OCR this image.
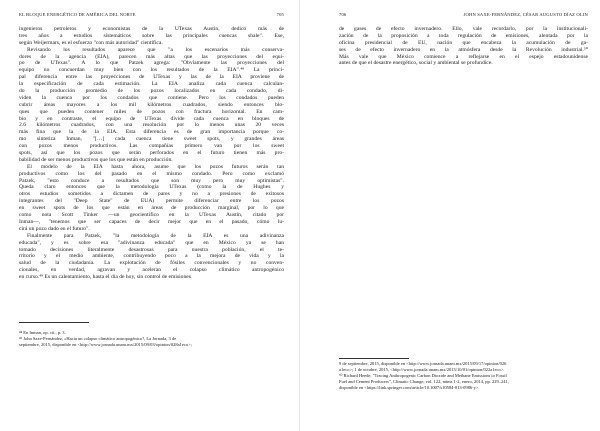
EL BLOQUE ENERGÉTICO DE AMÉRICA DEL NORTE	705
ingenieros petroleros y economistas de la UTexas Austin, dedicó más de
tres años a estudios sistemáticos sobre las principales cuencas shale". Ese,
según Weijermars, es el esfuerzo "con más autoridad" científica.
Revisando los resultados aparece que "a los escenarios más conserva-
dores de la agencia (EIA), parecen más altas que las proyecciones del equi-
po de UTexas". A lo que Patzek agrega: "Obviamente las proyecciones del
equipo no concuerdan muy bien con los resultados de la EIA".⁴⁸ La princi-
pal diferencia entre las proyecciones de UTexas y las de la EIA proviene de
la especificación de cada estimación. La EIA analiza cada cuenca calculan-
do la producción promedio de los pozos localizados en cada condado, di-
viden la cuenca por los condados que contiene. Pero los condados pueden
cubrir áreas mayores a los mil kilómetros cuadrados, siendo entonces blo-
ques que pueden contener miles de pozos con fractura horizontal. En cam-
bio y en contraste, el equipo de UTexas divide cada cuenca en bloques de
2.6 kilómetros cuadrados, con una resolución por lo menos unas 20 veces
más fina que la de la EIA. Esta diferencia es de gran importancia porque co-
mo sintetiza Inman, "[…] cada cuenca tiene sweet spots, y grandes áreas
con pozos menos productivos. Las compañías primero van por los sweet
spots, así que los pozos que serán perforados en el futuro tienen más pro-
babilidad de ser menos productivos que los que están en producción.
El modelo de la EIA hasta ahora, asume que los pozos futuros serán tan
productivos como los del pasado en el mismo condado. Pero como exclamó
Patzek, "esto conduce a resultados que son muy pero muy optimistas".
Queda claro entonces que la metodología UTexas (como la de Hughes y
otros estudios sometidos a dictamen de pares y no a presiones de exitosos
integrantes del "Deep State" de EUA) permite diferenciar entre los pozos
en sweet spots de los que están en áreas de producción marginal, por lo que
como nota Scott Tinker —un geocientífico en la UTexas Austin, citado por
Inman—, "tenemos que ser capaces de decir mejor que en el pasado, cómo lu-
cirá un pozo dado en el futuro".
Finalmente para Patzek, "la metodología de la EIA es una adivinanza
educada", y es sobre esa "adivinanza educada" que en México ya se han
tomado decisiones literalmente desastrosas para nuestra población, el te-
rritorio y el medio ambiente, contribuyendo poco a la mejora de vida y la
salud de la ciudadanía. La explotación de fósiles convencionales y no conven-
cionales, en verdad, agravan y aceleran el colapso climático antropogénico
en curso.⁴⁹ Es un calentamiento, hasta el día de hoy, sin control de emisiones
⁴⁸ En Inman, op. cit., p. 3.
⁴⁹ John Saxe-Fernández, «Hacia un colapso climático antropogénico?, La Jornada, 3 de
septiembre, 2015, disponible en <http://www.jornada.unam.mx/2015/09/03/opinion/028a1eco>;
706	JOHN SAXE-FERNÁNDEZ, CÉSAR AUGUSTO DÍAZ OLIN
de gases de efecto invernadero. Ello, vale recordarlo, por la institucionali-
zación de la proposición a toda regulación de emisiones, alentada por la
oficina presidencial de EU, nación que encabeza la acumulación de ga-
ses de efecto invernadero en la atmósfera desde la Revolución industrial.⁵⁰
Más vale que México comience a reflejarse en el espejo estadounidense
antes de que el desastre energético, social y ambiental se profundice.
9 de septiembre, 2015, disponible en <http://www.jornada.unam.mx/2015/09/17/opinion/026
a1eco>; 1 de octubre, 2015, <http://www.jornada.unam.mx/2015/10/01/opinion/022a1eco>.
⁵⁰ Richard Heede, "Tracing Anthropogenic Carbon Dioxide and Methane Emissions to Fossil
Fuel and Cement Producers", Climatic Change, vol. 122, núms 1-2, enero, 2014, pp. 229–241,
disponible en <https://link.springer.com/article/10.1007/s10584-013-0986-y>.
